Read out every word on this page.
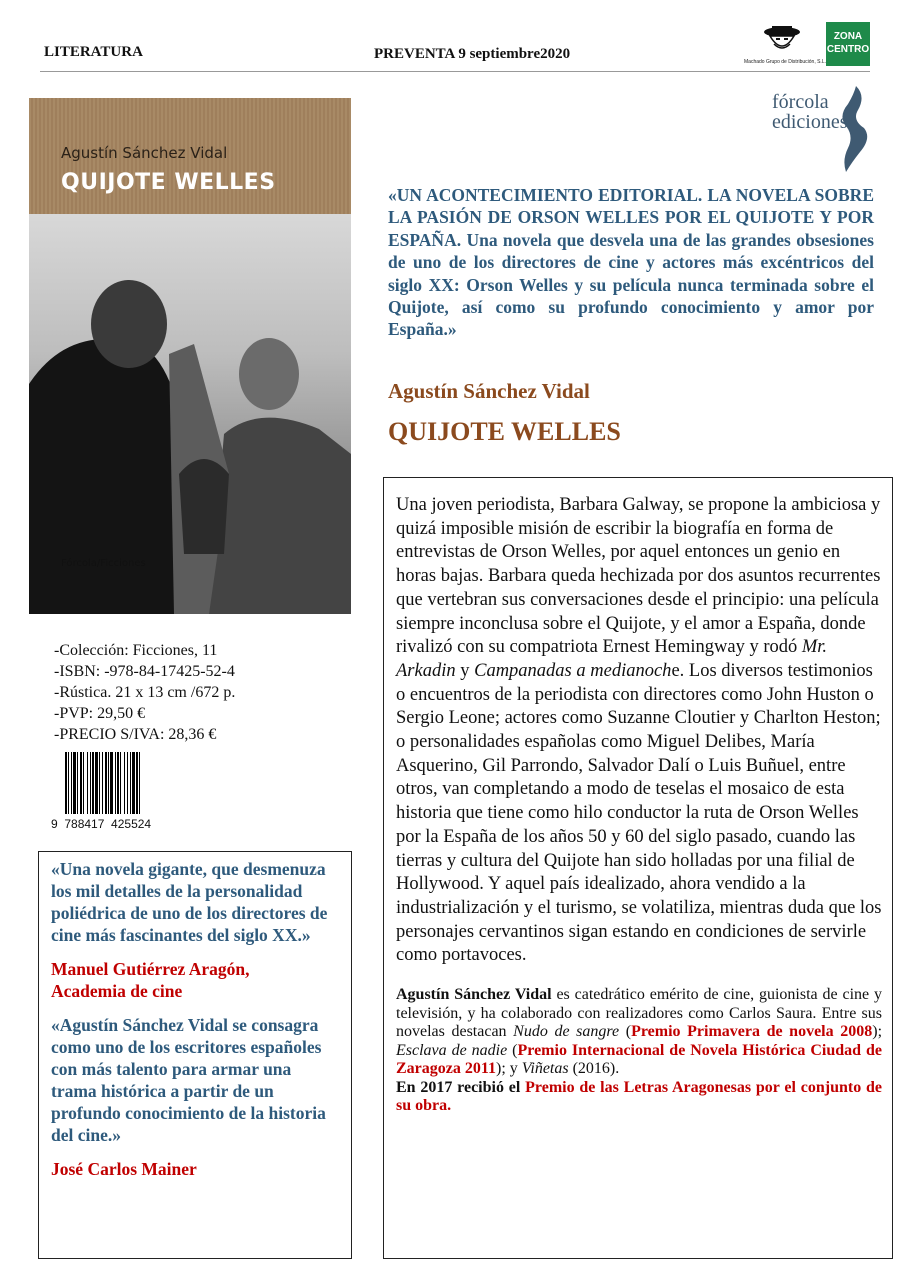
LITERATURA	PREVENTA 9 septiembre2020	Machado Grupo de Distribución, S.L.
ZONA
CENTRO
Agustín Sánchez Vidal
QUIJOTE WELLES
Fórcola/Ficciones
-Colección: Ficciones, 11
-ISBN: -978-84-17425-52-4
-Rústica. 21 x 13 cm /672 p.
-PVP: 29,50 €
-PRECIO S/IVA: 28,36 €
9  788417  425524

«Una novela gigante, que desmenuza los mil detalles de la personalidad poliédrica de uno de los directores de cine más fascinantes del siglo XX.»

Manuel Gutiérrez Aragón,
Academia de cine

«Agustín Sánchez Vidal se consagra como uno de los escritores españoles con más talento para armar una trama histórica a partir de un profundo conocimiento de la historia del cine.»

José Carlos Mainer

fórcola
ediciones
«UN ACONTECIMIENTO EDITORIAL. LA NOVELA SOBRE LA PASIÓN DE ORSON WELLES POR EL QUIJOTE Y POR ESPAÑA. Una novela que desvela una de las grandes obsesiones de uno de los directores de cine y actores más excéntricos del siglo XX: Orson Welles y su película nunca terminada sobre el Quijote, así como su profundo conocimiento y amor por España.»
Agustín Sánchez Vidal
QUIJOTE WELLES

Una joven periodista, Barbara Galway, se propone la ambiciosa y quizá imposible misión de escribir la biografía en forma de entrevistas de Orson Welles, por aquel entonces un genio en horas bajas. Barbara queda hechizada por dos asuntos recurrentes que vertebran sus conversaciones desde el principio: una película siempre inconclusa sobre el Quijote, y el amor a España, donde rivalizó con su compatriota Ernest Hemingway y rodó Mr. Arkadin y Campanadas a medianoche. Los diversos testimonios o encuentros de la periodista con directores como John Huston o Sergio Leone; actores como Suzanne Cloutier y Charlton Heston; o personalidades españolas como Miguel Delibes, María Asquerino, Gil Parrondo, Salvador Dalí o Luis Buñuel, entre otros, van completando a modo de teselas el mosaico de esta historia que tiene como hilo conductor la ruta de Orson Welles por la España de los años 50 y 60 del siglo pasado, cuando las tierras y cultura del Quijote han sido holladas por una filial de Hollywood. Y aquel país idealizado, ahora vendido a la industrialización y el turismo, se volatiliza, mientras duda que los personajes cervantinos sigan estando en condiciones de servirle como portavoces.

Agustín Sánchez Vidal es catedrático emérito de cine, guionista de cine y televisión, y ha colaborado con realizadores como Carlos Saura. Entre sus novelas destacan Nudo de sangre (Premio Primavera de novela 2008); Esclava de nadie (Premio Internacional de Novela Histórica Ciudad de Zaragoza 2011); y Viñetas (2016).
En 2017 recibió el Premio de las Letras Aragonesas por el conjunto de su obra.
